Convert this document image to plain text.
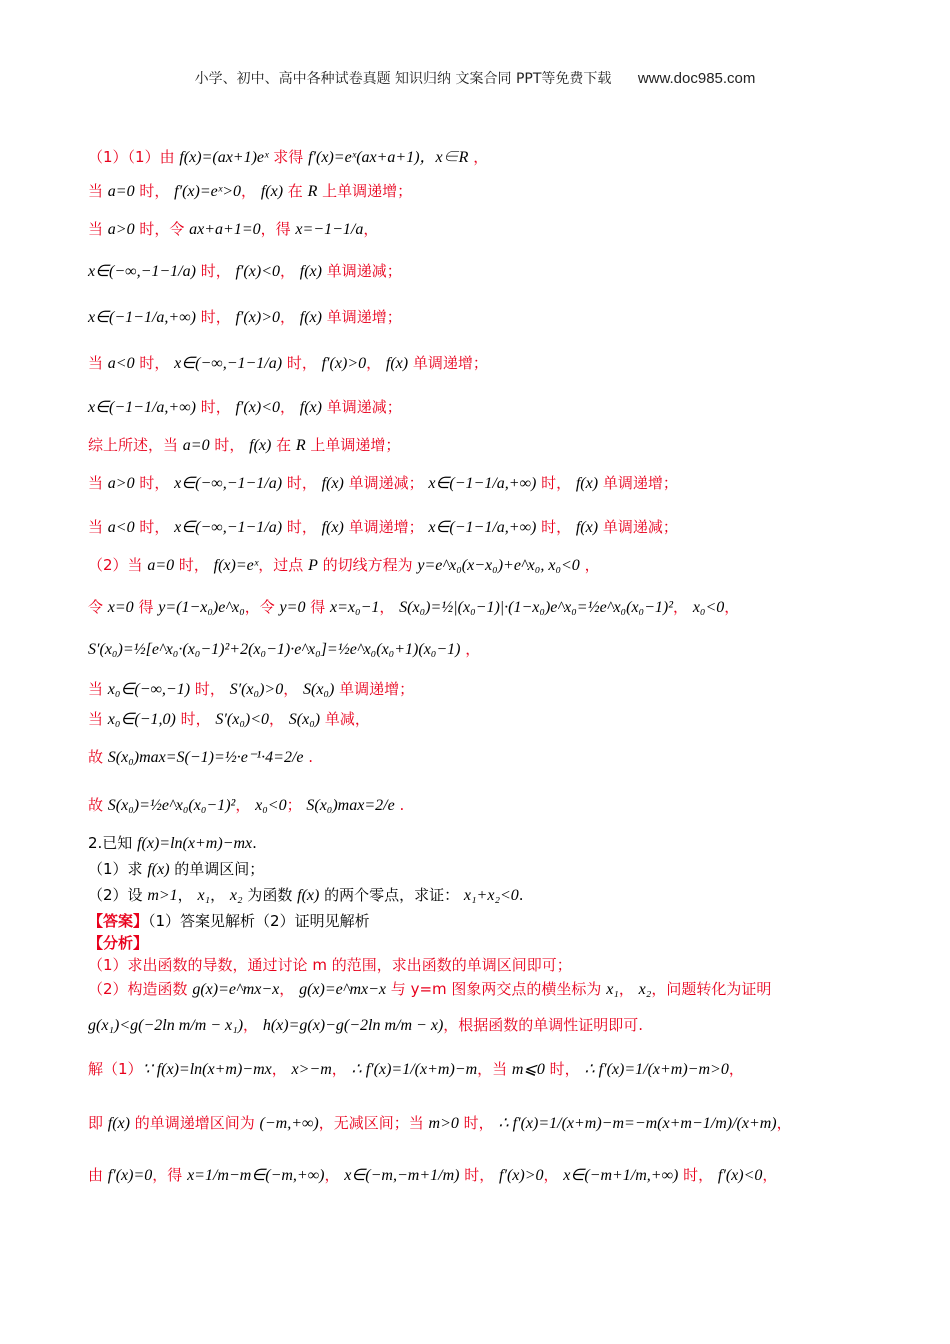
小学、初中、高中各种试卷真题 知识归纳 文案合同 PPT等免费下载 www.doc985.com
（1）（1）由 f(x)=(ax+1)eˣ 求得 f′(x)=eˣ(ax+a+1)，x∈R ，
当 a=0 时， f′(x)=eˣ>0， f(x) 在 R 上单调递增；
当 a>0 时，令 ax+a+1=0，得 x=−1−1/a，
x∈(−∞,−1−1/a) 时， f′(x)<0， f(x) 单调递减；
x∈(−1−1/a,+∞) 时， f′(x)>0， f(x) 单调递增；
当 a<0 时， x∈(−∞,−1−1/a) 时， f′(x)>0， f(x) 单调递增；
x∈(−1−1/a,+∞) 时， f′(x)<0， f(x) 单调递减；
综上所述，当 a=0 时， f(x) 在 R 上单调递增；
当 a>0 时， x∈(−∞,−1−1/a) 时， f(x) 单调递减； x∈(−1−1/a,+∞) 时， f(x) 单调递增；
当 a<0 时， x∈(−∞,−1−1/a) 时， f(x) 单调递增； x∈(−1−1/a,+∞) 时， f(x) 单调递减；
（2）当 a=0 时， f(x)=eˣ，过点 P 的切线方程为 y=e^x₀(x−x₀)+e^x₀, x₀<0 ，
令 x=0 得 y=(1−x₀)e^x₀，令 y=0 得 x=x₀−1， S(x₀)=½|(x₀−1)|·(1−x₀)e^x₀=½e^x₀(x₀−1)²， x₀<0，
S′(x₀)=½[e^x₀·(x₀−1)²+2(x₀−1)·e^x₀]=½e^x₀(x₀+1)(x₀−1) ，
当 x₀∈(−∞,−1) 时， S′(x₀)>0， S(x₀) 单调递增；
当 x₀∈(−1,0) 时， S′(x₀)<0， S(x₀) 单减，
故 S(x₀)max=S(−1)=½·e⁻¹·4=2/e .
故 S(x₀)=½e^x₀(x₀−1)²， x₀<0； S(x₀)max=2/e .
2.已知 f(x)=ln(x+m)−mx.
（1）求 f(x) 的单调区间；
（2）设 m>1， x₁， x₂ 为函数 f(x) 的两个零点，求证： x₁+x₂<0.
【答案】（1）答案见解析（2）证明见解析
【分析】
（1）求出函数的导数，通过讨论 m 的范围，求出函数的单调区间即可；
（2）构造函数 g(x)=e^mx−x， g(x)=e^mx−x 与 y=m 图象两交点的横坐标为 x₁， x₂，问题转化为证明
g(x₁)<g(−2ln m/m − x₁)， h(x)=g(x)−g(−2ln m/m − x)，根据函数的单调性证明即可.
解（1）∵ f(x)=ln(x+m)−mx， x>−m， ∴ f′(x)=1/(x+m)−m，当 m⩽0 时， ∴ f′(x)=1/(x+m)−m>0，
即 f(x) 的单调递增区间为 (−m,+∞)，无减区间；当 m>0 时， ∴ f′(x)=1/(x+m)−m=−m(x+m−1/m)/(x+m)，
由 f′(x)=0，得 x=1/m−m∈(−m,+∞)， x∈(−m,−m+1/m) 时， f′(x)>0， x∈(−m+1/m,+∞) 时， f′(x)<0，
